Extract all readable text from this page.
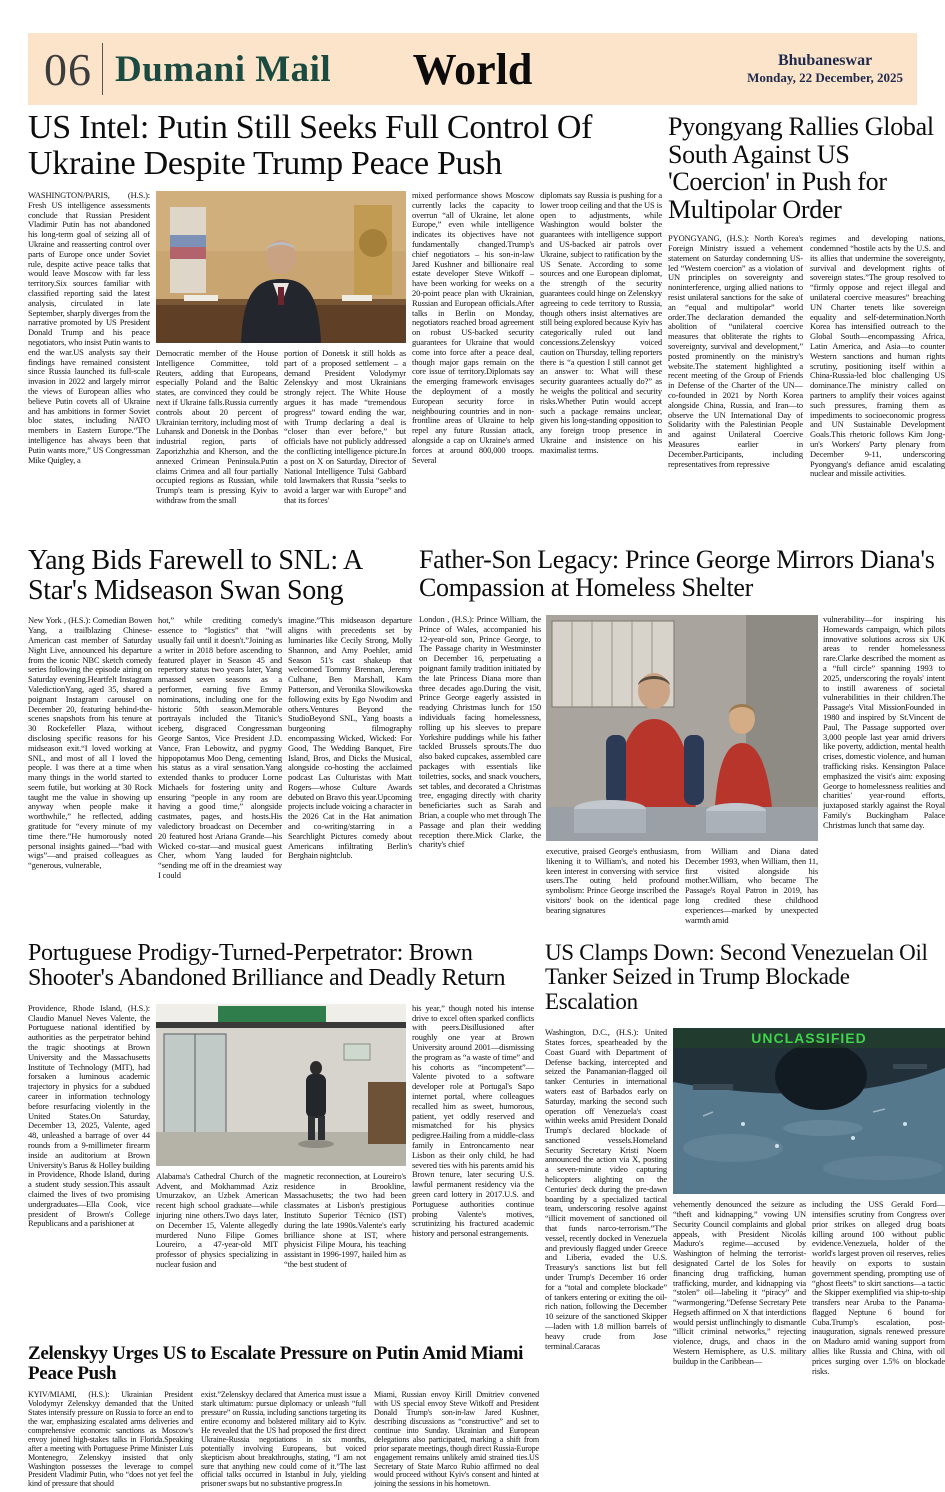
06 Dumani Mail World	Bhubaneswar
Monday, 22 December, 2025
US Intel: Putin Still Seeks Full Control Of Ukraine Despite Trump Peace Push
WASHINGTON/PARIS, (H.S.): Fresh US intelligence assessments conclude that Russian President Vladimir Putin has not abandoned his long-term goal of seizing all of Ukraine and reasserting control over parts of Europe once under Soviet rule, despite active peace talks that would leave Moscow with far less territory.Six sources familiar with classified reporting said the latest analysis, circulated in late September, sharply diverges from the narrative promoted by US President Donald Trump and his peace negotiators, who insist Putin wants to end the war.US analysts say their findings have remained consistent since Russia launched its full-scale invasion in 2022 and largely mirror the views of European allies who believe Putin covets all of Ukraine and has ambitions in former Soviet bloc states, including NATO members in Eastern Europe.“The intelligence has always been that Putin wants more,” US Congressman Mike Quigley, a
Democratic member of the House Intelligence Committee, told Reuters, adding that Europeans, especially Poland and the Baltic states, are convinced they could be next if Ukraine falls.Russia currently controls about 20 percent of Ukrainian territory, including most of Luhansk and Donetsk in the Donbas industrial region, parts of Zaporizhzhia and Kherson, and the annexed Crimean Peninsula.Putin claims Crimea and all four partially occupied regions as Russian, while Trump's team is pressing Kyiv to withdraw from the small
portion of Donetsk it still holds as part of a proposed settlement – a demand President Volodymyr Zelenskyy and most Ukrainians strongly reject. The White House argues it has made “tremendous progress” toward ending the war, with Trump declaring a deal is “closer than ever before,” but officials have not publicly addressed the conflicting intelligence picture.In a post on X on Saturday, Director of National Intelligence Tulsi Gabbard told lawmakers that Russia “seeks to avoid a larger war with Europe” and that its forces'
mixed performance shows Moscow currently lacks the capacity to overrun “all of Ukraine, let alone Europe,” even while intelligence indicates its objectives have not fundamentally changed.Trump's chief negotiators – his son-in-law Jared Kushner and billionaire real estate developer Steve Witkoff – have been working for weeks on a 20-point peace plan with Ukrainian, Russian and European officials.After talks in Berlin on Monday, negotiators reached broad agreement on robust US-backed security guarantees for Ukraine that would come into force after a peace deal, though major gaps remain on the core issue of territory.Diplomats say the emerging framework envisages the deployment of a mostly European security force in neighbouring countries and in non-frontline areas of Ukraine to help repel any future Russian attack, alongside a cap on Ukraine's armed forces at around 800,000 troops. Several
diplomats say Russia is pushing for a lower troop ceiling and that the US is open to adjustments, while Washington would bolster the guarantees with intelligence support and US-backed air patrols over Ukraine, subject to ratification by the US Senate. According to some sources and one European diplomat, the strength of the security guarantees could hinge on Zelenskyy agreeing to cede territory to Russia, though others insist alternatives are still being explored because Kyiv has categorically ruled out land concessions.Zelenskyy voiced caution on Thursday, telling reporters there is “a question I still cannot get an answer to: What will these security guarantees actually do?” as he weighs the political and security risks.Whether Putin would accept such a package remains unclear, given his long-standing opposition to any foreign troop presence in Ukraine and insistence on his maximalist terms.
Pyongyang Rallies Global South Against US 'Coercion' in Push for Multipolar Order
PYONGYANG, (H.S.): North Korea's Foreign Ministry issued a vehement statement on Saturday condemning US-led “Western coercion” as a violation of UN principles on sovereignty and noninterference, urging allied nations to resist unilateral sanctions for the sake of an “equal and multipolar” world order.The declaration demanded the abolition of “unilateral coercive measures that obliterate the rights to sovereignty, survival and development,” posted prominently on the ministry's website.The statement highlighted a recent meeting of the Group of Friends in Defense of the Charter of the UN—co-founded in 2021 by North Korea alongside China, Russia, and Iran—to observe the UN International Day of Solidarity with the Palestinian People and against Unilateral Coercive Measures earlier in December.Participants, including representatives from repressive
regimes and developing nations, condemned “hostile acts by the U.S. and its allies that undermine the sovereignty, survival and development rights of sovereign states.”The group resolved to “firmly oppose and reject illegal and unilateral coercive measures” breaching UN Charter tenets like sovereign equality and self-determination.North Korea has intensified outreach to the Global South—encompassing Africa, Latin America, and Asia—to counter Western sanctions and human rights scrutiny, positioning itself within a China-Russia-led bloc challenging US dominance.The ministry called on partners to amplify their voices against such pressures, framing them as impediments to socioeconomic progress and UN Sustainable Development Goals.This rhetoric follows Kim Jong-un's Workers' Party plenary from December 9-11, underscoring Pyongyang's defiance amid escalating nuclear and missile activities.
Yang Bids Farewell to SNL: A Star's Midseason Swan Song
New York , (H.S.): Comedian Bowen Yang, a trailblazing Chinese-American cast member of Saturday Night Live, announced his departure from the iconic NBC sketch comedy series following the episode airing on Saturday evening.Heartfelt Instagram ValedictionYang, aged 35, shared a poignant Instagram carousel on December 20, featuring behind-the-scenes snapshots from his tenure at 30 Rockefeller Plaza, without disclosing specific reasons for his midseason exit.“I loved working at SNL, and most of all I loved the people. I was there at a time when many things in the world started to seem futile, but working at 30 Rock taught me the value in showing up anyway when people make it worthwhile,” he reflected, adding gratitude for “every minute of my time there.”He humorously noted personal insights gained—“bad with wigs”—and praised colleagues as “generous, vulnerable,
hot,” while crediting comedy's essence to “logistics” that “will usually fail until it doesn't.”Joining as a writer in 2018 before ascending to featured player in Season 45 and repertory status two years later, Yang amassed seven seasons as a performer, earning five Emmy nominations, including one for the historic 50th season.Memorable portrayals included the Titanic's iceberg, disgraced Congressman George Santos, Vice President J.D. Vance, Fran Lebowitz, and pygmy hippopotamus Moo Deng, cementing his status as a viral sensation.Yang extended thanks to producer Lorne Michaels for fostering unity and ensuring “people in any room are having a good time,” alongside castmates, pages, and hosts.His valedictory broadcast on December 20 featured host Ariana Grande—his Wicked co-star—and musical guest Cher, whom Yang lauded for “sending me off in the dreamiest way I could
imagine.”This midseason departure aligns with precedents set by luminaries like Cecily Strong, Molly Shannon, and Amy Poehler, amid Season 51's cast shakeup that welcomed Tommy Brennan, Jeremy Culhane, Ben Marshall, Kam Patterson, and Veronika Slowikowska following exits by Ego Nwodim and others.Ventures Beyond the StudioBeyond SNL, Yang boasts a burgeoning filmography encompassing Wicked, Wicked: For Good, The Wedding Banquet, Fire Island, Bros, and Dicks the Musical, alongside co-hosting the acclaimed podcast Las Culturistas with Matt Rogers—whose Culture Awards debuted on Bravo this year.Upcoming projects include voicing a character in the 2026 Cat in the Hat animation and co-writing/starring in a Searchlight Pictures comedy about Americans infiltrating Berlin's Berghain nightclub.
Father-Son Legacy: Prince George Mirrors Diana's Compassion at Homeless Shelter
London , (H.S.): Prince William, the Prince of Wales, accompanied his 12-year-old son, Prince George, to The Passage charity in Westminster on December 16, perpetuating a poignant family tradition initiated by the late Princess Diana more than three decades ago.During the visit, Prince George eagerly assisted in readying Christmas lunch for 150 individuals facing homelessness, rolling up his sleeves to prepare Yorkshire puddings while his father tackled Brussels sprouts.The duo also baked cupcakes, assembled care packages with essentials like toiletries, socks, and snack vouchers, set tables, and decorated a Christmas tree, engaging directly with charity beneficiaries such as Sarah and Brian, a couple who met through The Passage and plan their wedding reception there.Mick Clarke, the charity's chief
executive, praised George's enthusiasm, likening it to William's, and noted his keen interest in conversing with service users.The outing held profound symbolism: Prince George inscribed the visitors' book on the identical page bearing signatures
from William and Diana dated December 1993, when William, then 11, first visited alongside his mother.William, who became The Passage's Royal Patron in 2019, has long credited these childhood experiences—marked by unexpected warmth amid
vulnerability—for inspiring his Homewards campaign, which pilots innovative solutions across six UK areas to render homelessness rare.Clarke described the moment as a “full circle” spanning 1993 to 2025, underscoring the royals' intent to instill awareness of societal vulnerabilities in their children.The Passage's Vital MissionFounded in 1980 and inspired by St.Vincent de Paul, The Passage supported over 3,000 people last year amid drivers like poverty, addiction, mental health crises, domestic violence, and human trafficking risks. Kensington Palace emphasized the visit's aim: exposing George to homelessness realities and charities' year-round efforts, juxtaposed starkly against the Royal Family's Buckingham Palace Christmas lunch that same day.
Portuguese Prodigy-Turned-Perpetrator: Brown Shooter's Abandoned Brilliance and Deadly Return
Providence, Rhode Island, (H.S.): Claudio Manuel Neves Valente, the Portuguese national identified by authorities as the perpetrator behind the tragic shootings at Brown University and the Massachusetts Institute of Technology (MIT), had forsaken a luminous academic trajectory in physics for a subdued career in information technology before resurfacing violently in the United States.On Saturday, December 13, 2025, Valente, aged 48, unleashed a barrage of over 44 rounds from a 9-millimeter firearm inside an auditorium at Brown University's Barus & Holley building in Providence, Rhode Island, during a student study session.This assault claimed the lives of two promising undergraduates—Ella Cook, vice president of Brown's College Republicans and a parishioner at
Alabama's Cathedral Church of the Advent, and Mokhammad Aziz Umurzakov, an Uzbek American recent high school graduate—while injuring nine others.Two days later, on December 15, Valente allegedly murdered Nuno Filipe Gomes Loureiro, a 47-year-old MIT professor of physics specializing in nuclear fusion and
magnetic reconnection, at Loureiro's residence in Brookline, Massachusetts; the two had been classmates at Lisbon's prestigious Instituto Superior Técnico (IST) during the late 1990s.Valente's early brilliance shone at IST, where physicist Filipe Moura, his teaching assistant in 1996-1997, hailed him as “the best student of
his year,” though noted his intense drive to excel often sparked conflicts with peers.Disillusioned after roughly one year at Brown University around 2001—dismissing the program as “a waste of time” and his cohorts as “incompetent”—Valente pivoted to a software developer role at Portugal's Sapo internet portal, where colleagues recalled him as sweet, humorous, patient, yet oddly reserved and mismatched for his physics pedigree.Hailing from a middle-class family in Entroncamento near Lisbon as their only child, he had severed ties with his parents amid his Brown tenure, later securing U.S. lawful permanent residency via the green card lottery in 2017.U.S. and Portuguese authorities continue probing Valente's motives, scrutinizing his fractured academic history and personal estrangements.
US Clamps Down: Second Venezuelan Oil Tanker Seized in Trump Blockade Escalation
Washington, D.C., (H.S.): United States forces, spearheaded by the Coast Guard with Department of Defense backing, intercepted and seized the Panamanian-flagged oil tanker Centuries in international waters east of Barbados early on Saturday, marking the second such operation off Venezuela's coast within weeks amid President Donald Trump's declared blockade of sanctioned vessels.Homeland Security Secretary Kristi Noem announced the action via X, posting a seven-minute video capturing helicopters alighting on the Centuries' deck during the pre-dawn boarding by a specialized tactical team, underscoring resolve against “illicit movement of sanctioned oil that funds narco-terrorism.”The vessel, recently docked in Venezuela and previously flagged under Greece and Liberia, evaded the U.S. Treasury's sanctions list but fell under Trump's December 16 order for a “total and complete blockade” of tankers entering or exiting the oil-rich nation, following the December 10 seizure of the sanctioned Skipper—laden with 1.8 million barrels of heavy crude from Jose terminal.Caracas
UNCLASSIFIED
vehemently denounced the seizure as “theft and kidnapping,” vowing UN Security Council complaints and global appeals, with President Nicolás Maduro's regime—accused by Washington of helming the terrorist-designated Cartel de los Soles for financing drug trafficking, human trafficking, murder, and kidnapping via “stolen” oil—labeling it “piracy” and “warmongering.”Defense Secretary Pete Hegseth affirmed on X that interdictions would persist unflinchingly to dismantle “illicit criminal networks,” rejecting violence, drugs, and chaos in the Western Hemisphere, as U.S. military buildup in the Caribbean—
including the USS Gerald Ford—intensifies scrutiny from Congress over prior strikes on alleged drug boats killing around 100 without public evidence.Venezuela, holder of the world's largest proven oil reserves, relies heavily on exports to sustain government spending, prompting use of “ghost fleets” to skirt sanctions—a tactic the Skipper exemplified via ship-to-ship transfers near Aruba to the Panama-flagged Neptune 6 bound for Cuba.Trump's escalation, post-inauguration, signals renewed pressure on Maduro amid waning support from allies like Russia and China, with oil prices surging over 1.5% on blockade risks.
Zelenskyy Urges US to Escalate Pressure on Putin Amid Miami Peace Push
KYIV/MIAMI, (H.S.): Ukrainian President Volodymyr Zelenskyy demanded that the United States intensify pressure on Russia to force an end to the war, emphasizing escalated arms deliveries and comprehensive economic sanctions as Moscow's envoy joined high-stakes talks in Florida.Speaking after a meeting with Portuguese Prime Minister Luís Montenegro, Zelenskyy insisted that only Washington possesses the leverage to compel President Vladimir Putin, who “does not yet feel the kind of pressure that should
exist.”Zelenskyy declared that America must issue a stark ultimatum: pursue diplomacy or unleash “full pressure” on Russia, including sanctions targeting its entire economy and bolstered military aid to Kyiv. He revealed that the US had proposed the first direct Ukraine-Russia negotiations in six months, potentially involving Europeans, but voiced skepticism about breakthroughs, stating, “I am not sure that anything new could come of it.”The last official talks occurred in Istanbul in July, yielding prisoner swaps but no substantive progress.In
Miami, Russian envoy Kirill Dmitriev convened with US special envoy Steve Witkoff and President Donald Trump's son-in-law Jared Kushner, describing discussions as “constructive” and set to continue into Sunday. Ukrainian and European delegations also participated, marking a shift from prior separate meetings, though direct Russia-Europe engagement remains unlikely amid strained ties.US Secretary of State Marco Rubio affirmed no deal would proceed without Kyiv's consent and hinted at joining the sessions in his hometown.
